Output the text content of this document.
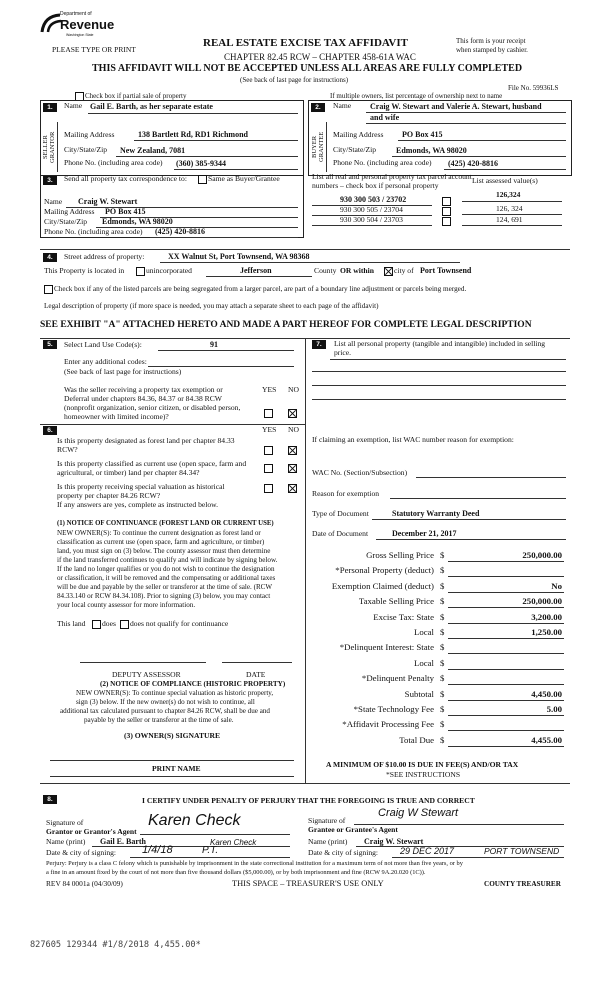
Department of
Revenue
Washington State
PLEASE TYPE OR PRINT
REAL ESTATE EXCISE TAX AFFIDAVIT
CHAPTER 82.45 RCW – CHAPTER 458-61A WAC
THIS AFFIDAVIT WILL NOT BE ACCEPTED UNLESS ALL AREAS ARE FULLY COMPLETED
(See back of last page for instructions)
This form is your receipt
when stamped by cashier.
File No. 59936LS
Check box if partial sale of property	If multiple owners, list percentage of ownership next to name
1.	Name Gail E. Barth, as her separate estate
SELLER GRANTOR Mailing Address	138 Bartlett Rd, RD1 Richmond
City/State/Zip New Zealand, 7081
Phone No. (including area code) (360) 385-9344
2.	Name Craig W. Stewart and Valerie A. Stewart, husband
and wife
BUYER GRANTEE Mailing Address PO Box 415
City/State/Zip Edmonds, WA 98020
Phone No. (including area code) (425) 420-8816
3.	Send all property tax correspondence to:	Same as Buyer/Grantee
Name Craig W. Stewart
Mailing Address PO Box 415
City/State/Zip Edmonds, WA 98020
Phone No. (including area code) (425) 420-8816
List all real and personal property tax parcel account
numbers – check box if personal property
List assessed value(s)
930 300 503 / 23702
126,324
930 300 505 / 23704	126, 324
930 300 504 / 23703	124, 691
4.	Street address of property:	XX Walnut St, Port Townsend, WA 98368
This Property is located in	unincorporated	Jefferson	County OR within	city of Port Townsend
Check box if any of the listed parcels are being segregated from a larger parcel, are part of a boundary line adjustment or parcels being merged.
Legal description of property (if more space is needed, you may attach a separate sheet to each page of the affidavit)
SEE EXHIBIT "A" ATTACHED HERETO AND MADE A PART HEREOF FOR COMPLETE LEGAL DESCRIPTION
5.	Select Land Use Code(s):	91
Enter any additional codes:
(See back of last page for instructions)
YES NO
Was the seller receiving a property tax exemption or
Deferral under chapters 84.36, 84.37 or 84.38 RCW
(nonprofit organization, senior citizen, or disabled person,
homeowner with limited income)?
6.	YES NO
Is this property designated as forest land per chapter 84.33
RCW?
Is this property classified as current use (open space, farm and
agricultural, or timber) land per chapter 84.34?
Is this property receiving special valuation as historical
property per chapter 84.26 RCW?
If any answers are yes, complete as instructed below.
(1) NOTICE OF CONTINUANCE (FOREST LAND OR CURRENT USE)
NEW OWNER(S): To continue the current designation as forest land or
classification as current use (open space, farm and agriculture, or timber)
land, you must sign on (3) below. The county assessor must then determine
if the land transferred continues to qualify and will indicate by signing below.
If the land no longer qualifies or you do not wish to continue the designation
or classification, it will be removed and the compensating or additional taxes
will be due and payable by the seller or transferor at the time of sale. (RCW
84.33.140 or RCW 84.34.108). Prior to signing (3) below, you may contact
your local county assessor for more information.
This land does does not qualify for continuance
DEPUTY ASSESSOR	DATE
(2) NOTICE OF COMPLIANCE (HISTORIC PROPERTY)
NEW OWNER(S): To continue special valuation as historic property,
sign (3) below. If the new owner(s) do not wish to continue, all
additional tax calculated pursuant to chapter 84.26 RCW, shall be due and
payable by the seller or transferor at the time of sale.
(3) OWNER(S) SIGNATURE
PRINT NAME
7.	List all personal property (tangible and intangible) included in selling
price.
If claiming an exemption, list WAC number reason for exemption:
WAC No. (Section/Subsection)
Reason for exemption
Type of Document	Statutory Warranty Deed
Date of Document	December 21, 2017
Gross Selling Price $	250,000.00
*Personal Property (deduct) $
Exemption Claimed (deduct) $	No
Taxable Selling Price $	250,000.00
Excise Tax: State $	3,200.00
Local $	1,250.00
*Delinquent Interest: State $
Local $
*Delinquent Penalty $
Subtotal $	4,450.00
*State Technology Fee $	5.00
*Affidavit Processing Fee $
Total Due $	4,455.00
A MINIMUM OF $10.00 IS DUE IN FEE(S) AND/OR TAX
*SEE INSTRUCTIONS
8.	I CERTIFY UNDER PENALTY OF PERJURY THAT THE FOREGOING IS TRUE AND CORRECT
Signature of
Grantor or Grantor's Agent
Karen Check
Name (print) Gail E. Barth	Karen Check
Date & city of signing: 1/4/18	P.T.
Signature of
Craig W Stewart
Grantee or Grantee's Agent
Name (print) Craig W. Stewart
Date & city of signing: 29 DEC 2017	PORT TOWNSEND
Perjury: Perjury is a class C felony which is punishable by imprisonment in the state correctional institution for a maximum term of not more than five years, or by
a fine in an amount fixed by the court of not more than five thousand dollars ($5,000.00), or by both imprisonment and fine (RCW 9A.20.020 (1C)).
REV 84 0001a (04/30/09)	THIS SPACE – TREASURER'S USE ONLY	COUNTY TREASURER
827605 129344 #1/8/2018 4,455.00*
